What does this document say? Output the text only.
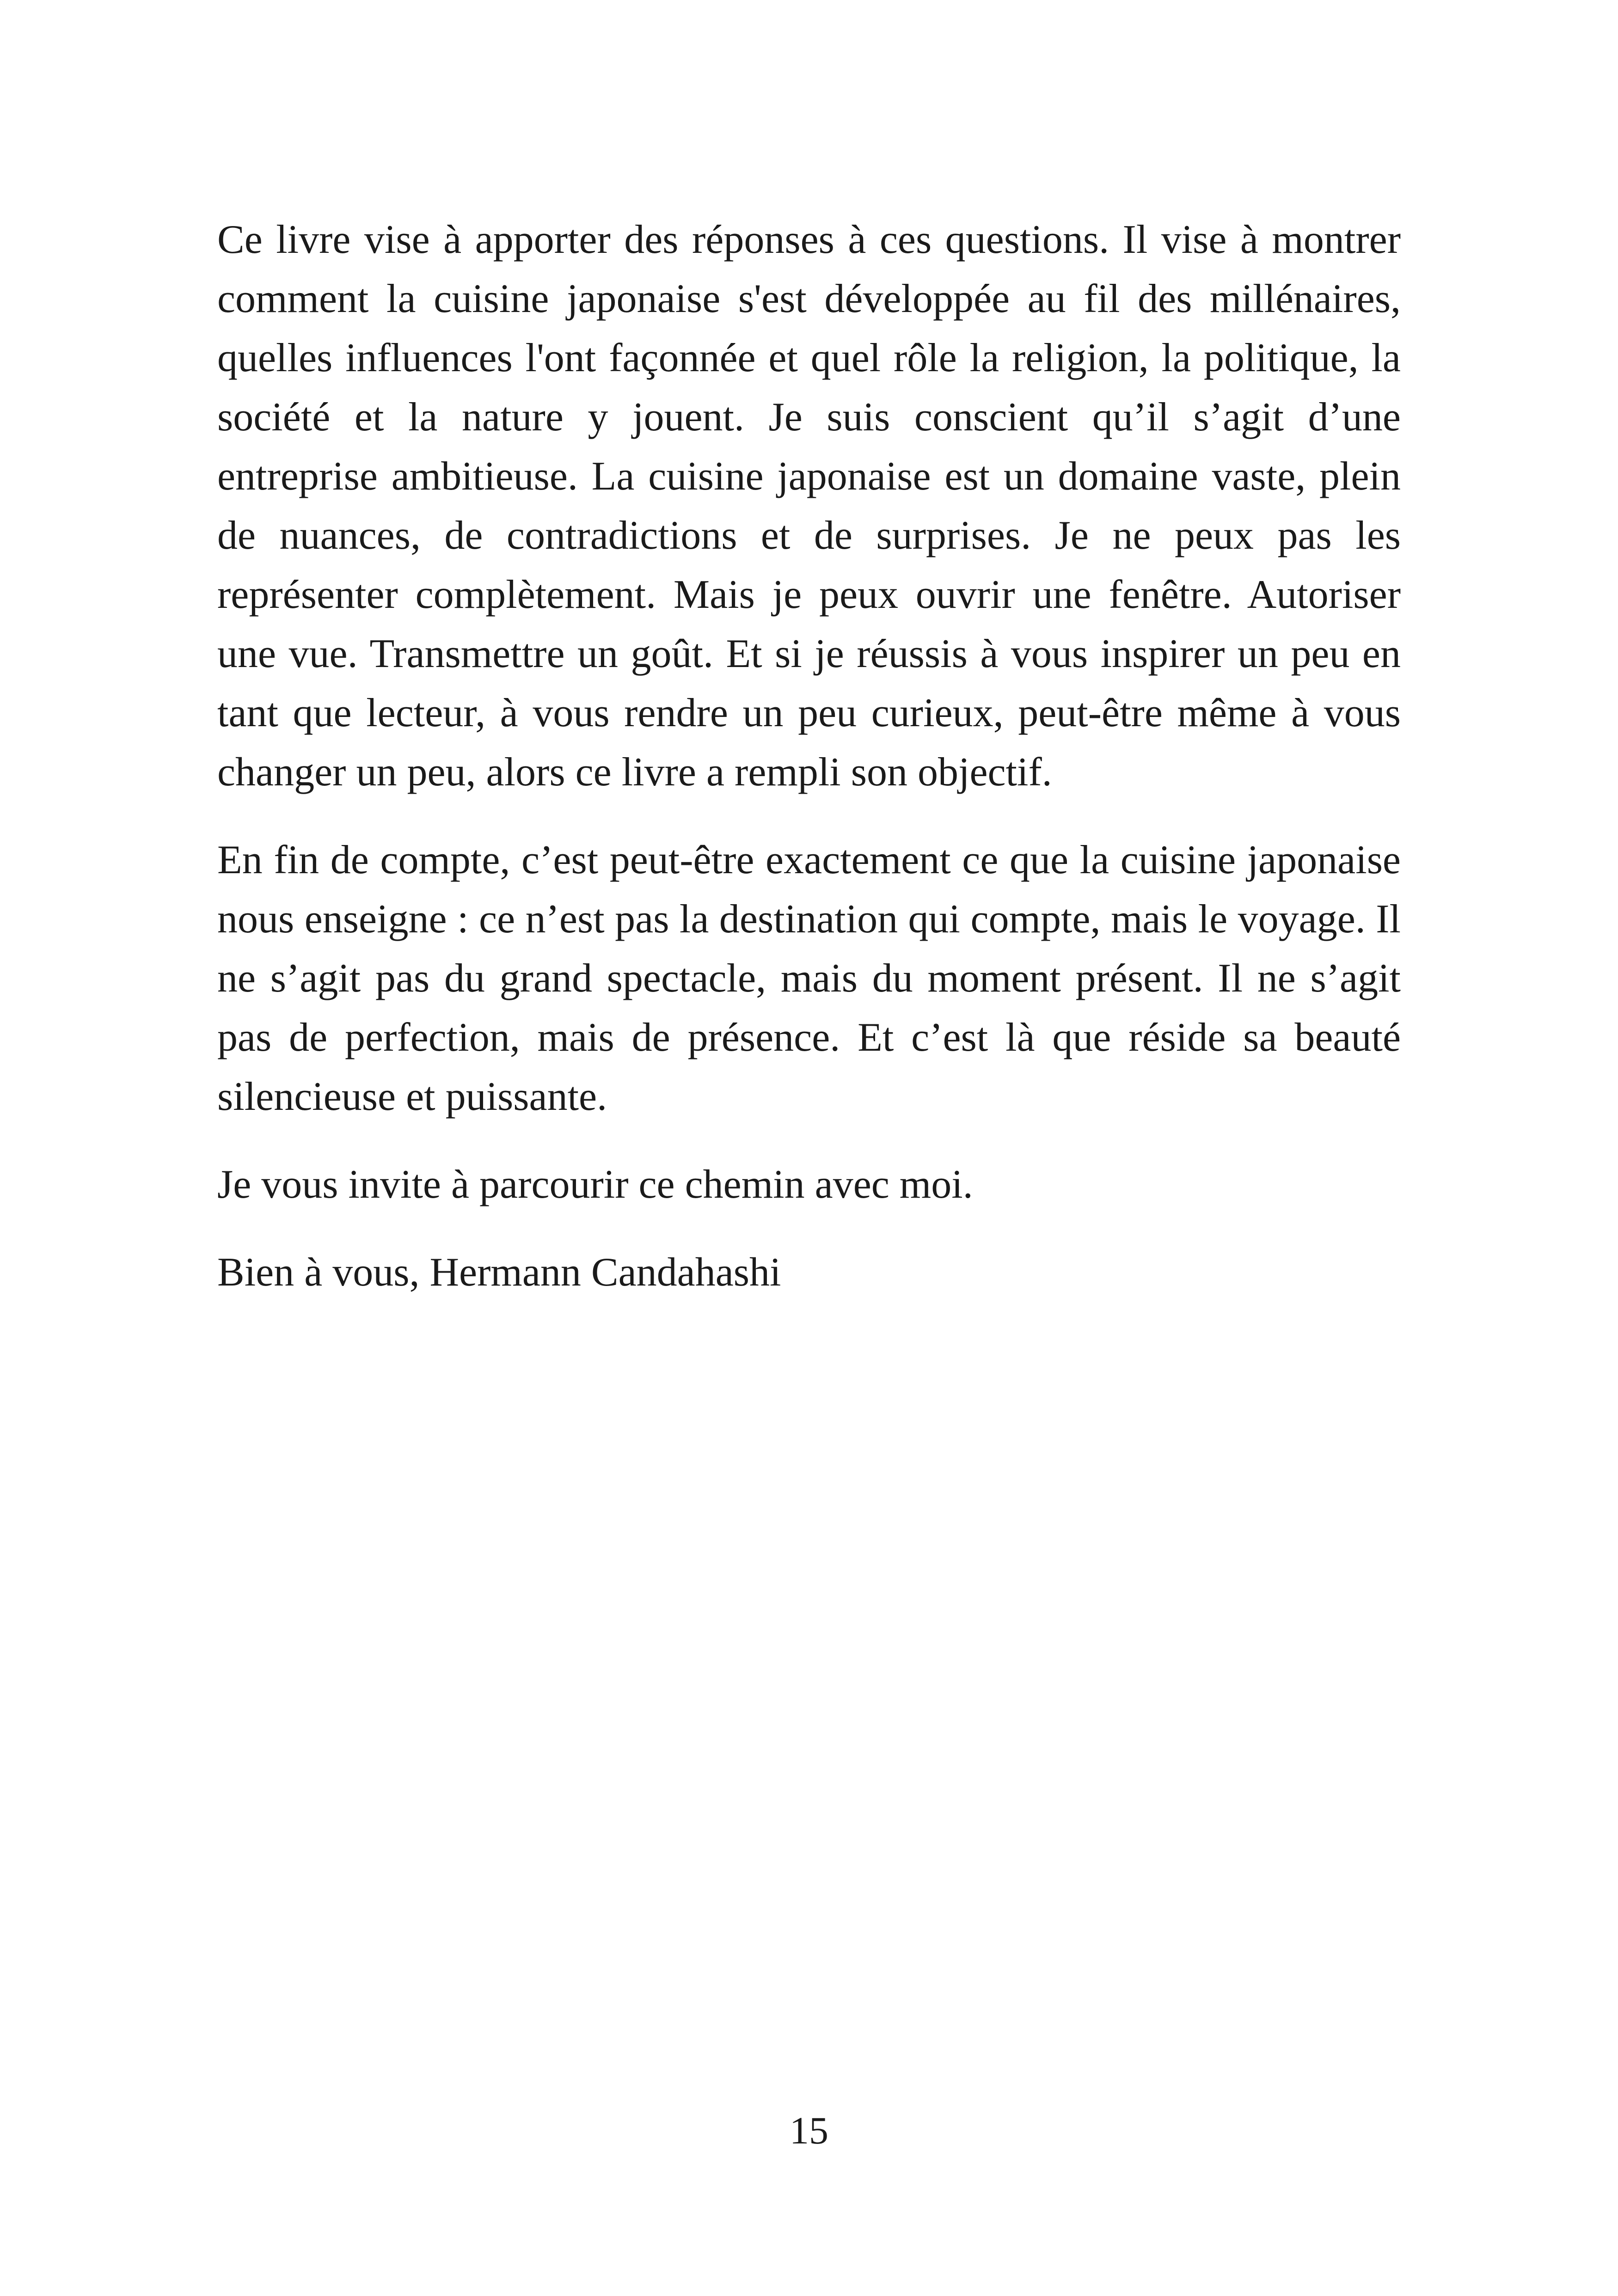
Ce livre vise à apporter des réponses à ces questions. Il vise à montrer comment la cuisine japonaise s'est développée au fil des millénaires, quelles influences l'ont façonnée et quel rôle la religion, la politique, la société et la nature y jouent. Je suis conscient qu’il s’agit d’une entreprise ambitieuse. La cuisine japonaise est un domaine vaste, plein de nuances, de contradictions et de surprises. Je ne peux pas les représenter complètement. Mais je peux ouvrir une fenêtre. Autoriser une vue. Transmettre un goût. Et si je réussis à vous inspirer un peu en tant que lecteur, à vous rendre un peu curieux, peut-être même à vous changer un peu, alors ce livre a rempli son objectif.

En fin de compte, c’est peut-être exactement ce que la cuisine japonaise nous enseigne : ce n’est pas la destination qui compte, mais le voyage. Il ne s’agit pas du grand spectacle, mais du moment présent. Il ne s’agit pas de perfection, mais de présence. Et c’est là que réside sa beauté silencieuse et puissante.

Je vous invite à parcourir ce chemin avec moi.

Bien à vous, Hermann Candahashi

15
